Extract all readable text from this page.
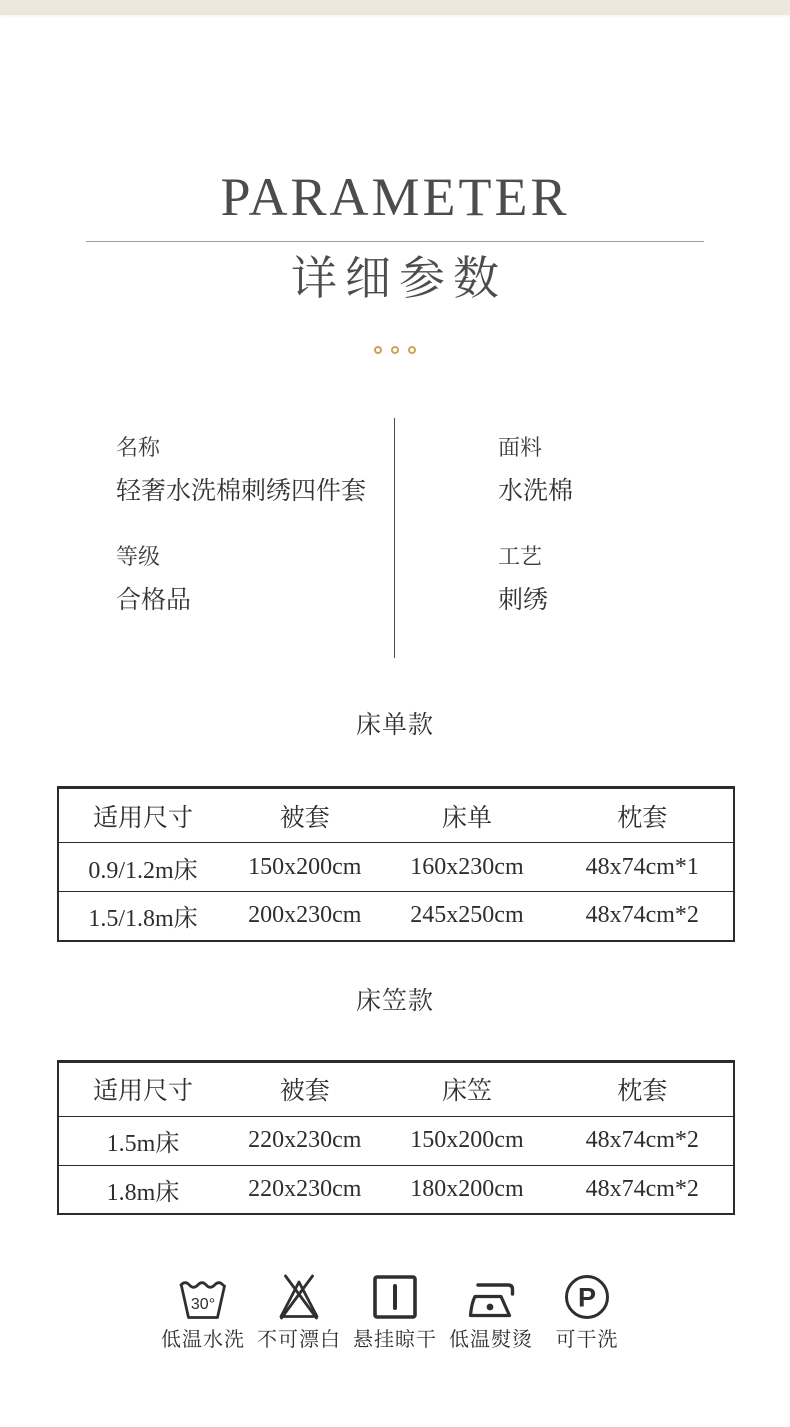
PARAMETER
详细参数
名称
轻奢水洗棉刺绣四件套
等级
合格品
面料
水洗棉
工艺
刺绣
床单款
适用尺寸	被套	床单	枕套
0.9/1.2m床	150x200cm	160x230cm	48x74cm*1
1.5/1.8m床	200x230cm	245x250cm	48x74cm*2
床笠款
适用尺寸	被套	床笠	枕套
1.5m床	220x230cm	150x200cm	48x74cm*2
1.8m床	220x230cm	180x200cm	48x74cm*2
30°
低温水洗 不可漂白 悬挂晾干 低温熨烫
P
可干洗
